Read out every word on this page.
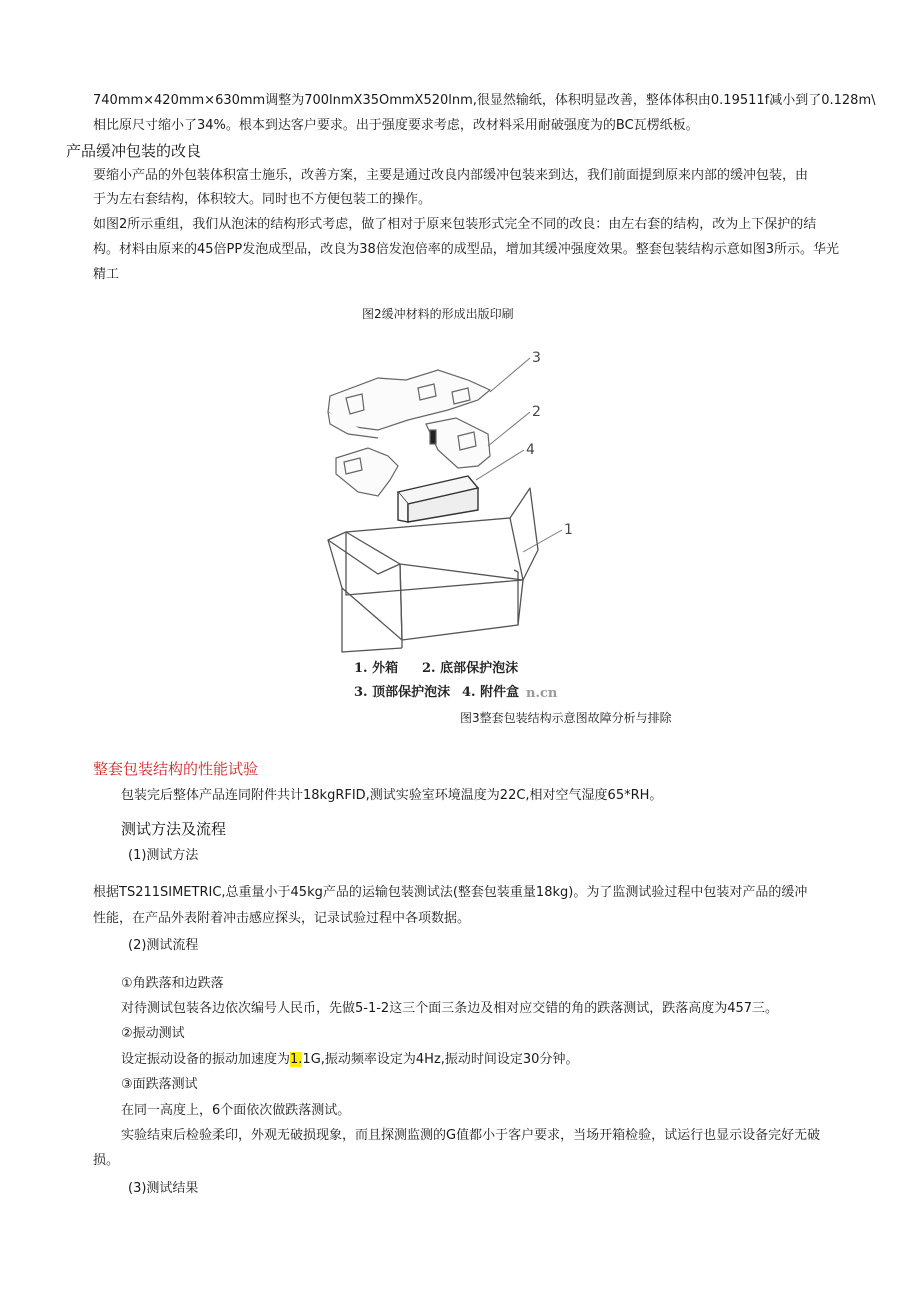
740mm×420mm×630mm调整为700lnmX35OmmX520lnm,很显然输纸，体积明显改善，整体体积由0.19511f减小到了0.128m\
相比原尺寸缩小了34%。根本到达客户要求。出于强度要求考虑，改材料采用耐破强度为的BC瓦楞纸板。
产品缓冲包装的改良
要缩小产品的外包装体积富士施乐，改善方案，主要是通过改良内部缓冲包装来到达，我们前面提到原来内部的缓冲包装，由
于为左右套结构，体积较大。同时也不方便包装工的操作。
如图2所示重组，我们从泡沫的结构形式考虑，做了相对于原来包装形式完全不同的改良：由左右套的结构，改为上下保护的结
构。材料由原来的45倍PP发泡成型品，改良为38倍发泡倍率的成型品，增加其缓冲强度效果。整套包装结构示意如图3所示。华光
精工
图2缓冲材料的形成出版印刷
3
2
4
1
1. 外箱 2. 底部保护泡沫
3. 顶部保护泡沫 4. 附件盒 n.cn
图3整套包装结构示意图故障分析与排除
整套包装结构的性能试验
包装完后整体产品连同附件共计18kgRFID,测试实验室环境温度为22C,相对空气湿度65*RH。
测试方法及流程
(1)测试方法
根据TS211SIMETRIC,总重量小于45kg产品的运输包装测试法(整套包装重量18kg)。为了监测试验过程中包装对产品的缓冲
性能，在产品外表附着冲击感应探头，记录试验过程中各项数据。
(2)测试流程
①角跌落和边跌落
对待测试包装各边依次编号人民币，先做5-1-2这三个面三条边及相对应交错的角的跌落测试，跌落高度为457三。
②振动测试
设定振动设备的振动加速度为1.1G,振动频率设定为4Hz,振动时间设定30分钟。
③面跌落测试
在同一高度上，6个面依次做跌落测试。
实验结束后检验柔印，外观无破损现象，而且探测监测的G值都小于客户要求，当场开箱检验，试运行也显示设备完好无破
损。
(3)测试结果
